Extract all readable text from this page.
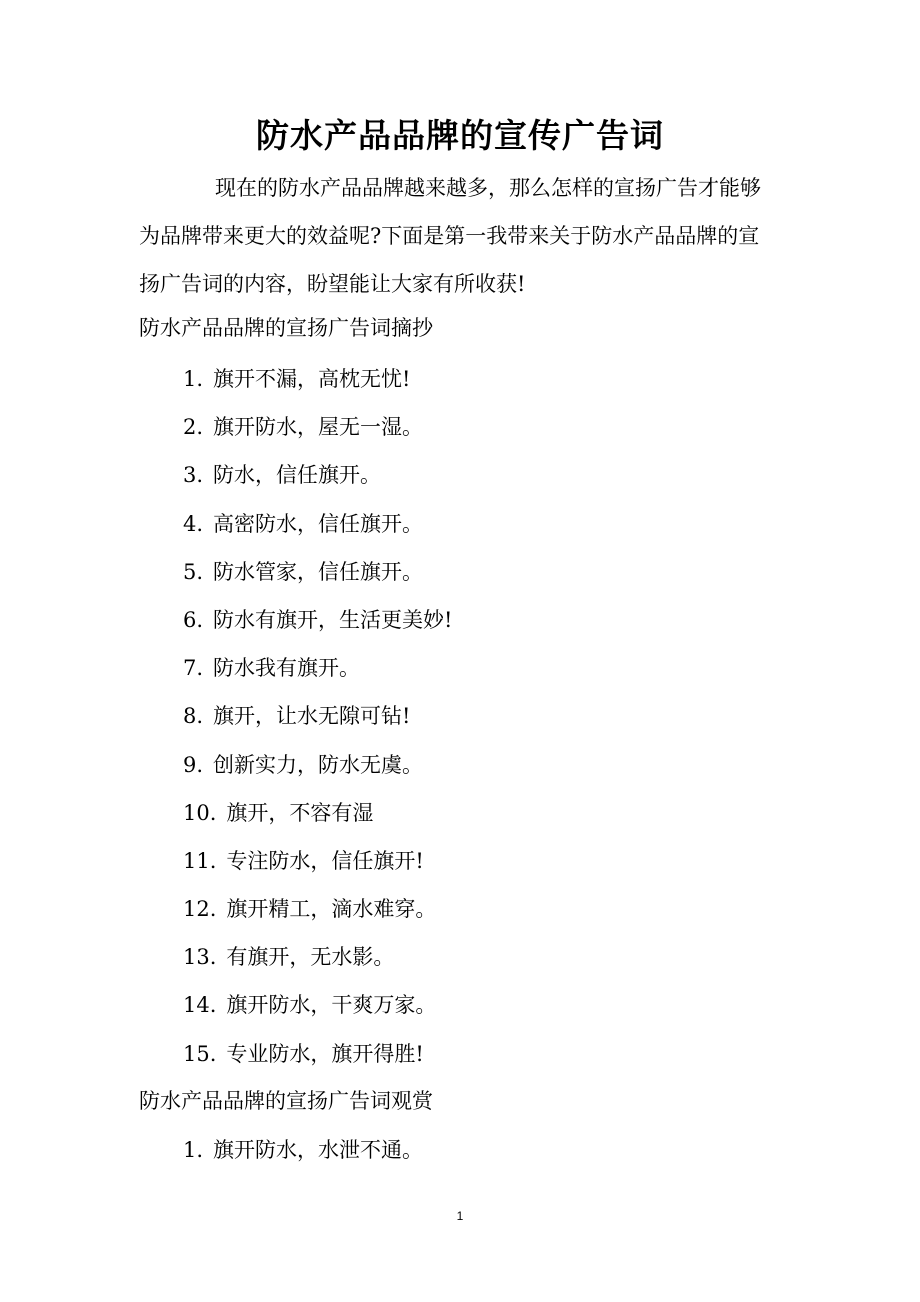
防水产品品牌的宣传广告词
现在的防水产品品牌越来越多，那么怎样的宣扬广告才能够
为品牌带来更大的效益呢?下面是第一我带来关于防水产品品牌的宣
扬广告词的内容，盼望能让大家有所收获!
防水产品品牌的宣扬广告词摘抄
1. 旗开不漏，高枕无忧!
2. 旗开防水，屋无一湿。
3. 防水，信任旗开。
4. 高密防水，信任旗开。
5. 防水管家，信任旗开。
6. 防水有旗开，生活更美妙!
7. 防水我有旗开。
8. 旗开，让水无隙可钻!
9. 创新实力，防水无虞。
10. 旗开，不容有湿
11. 专注防水，信任旗开!
12. 旗开精工，滴水难穿。
13. 有旗开，无水影。
14. 旗开防水，干爽万家。
15. 专业防水，旗开得胜!
防水产品品牌的宣扬广告词观赏
1. 旗开防水，水泄不通。
1
